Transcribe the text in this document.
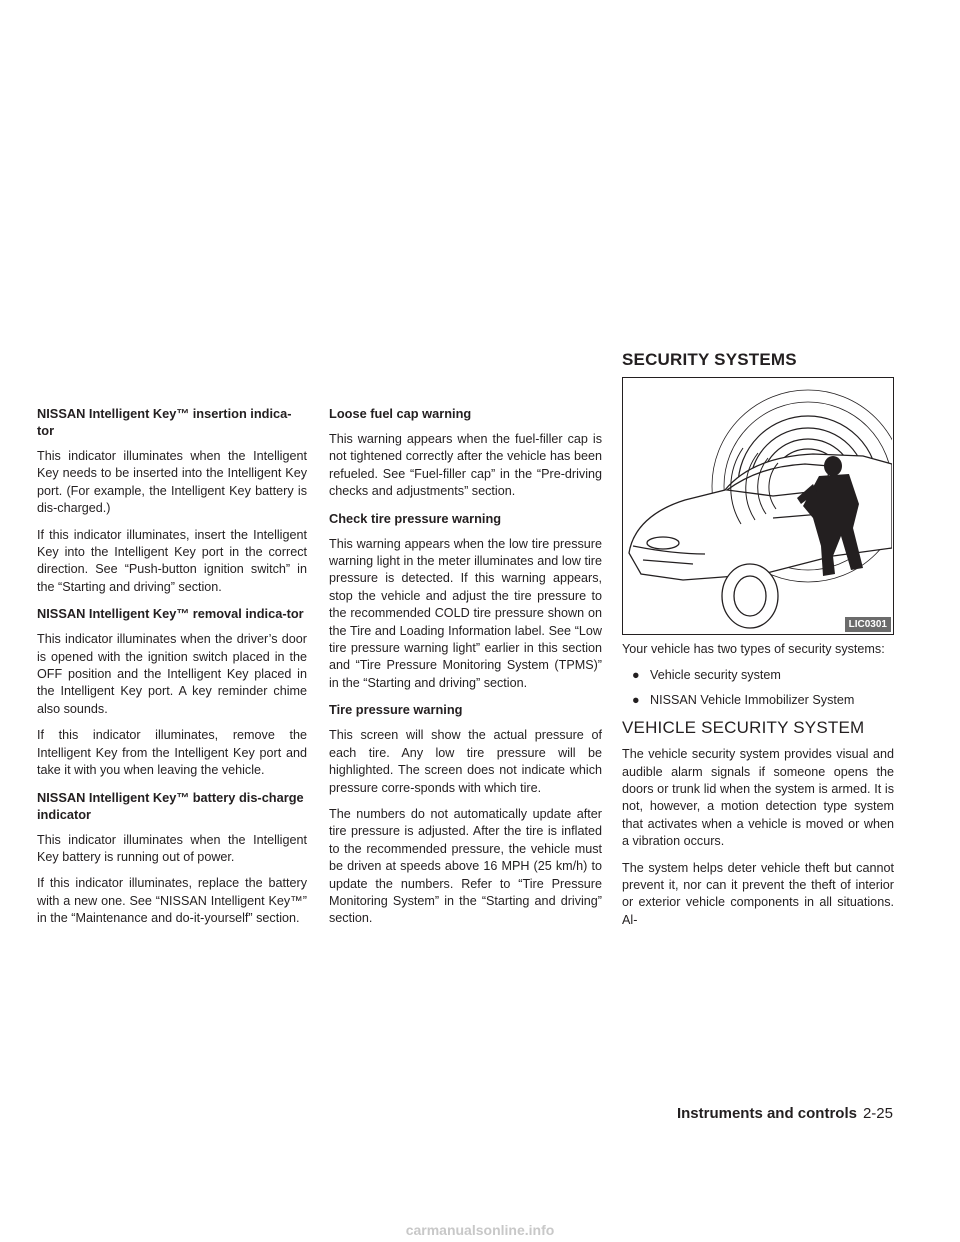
SECURITY SYSTEMS
NISSAN Intelligent Key™ insertion indica-tor

This indicator illuminates when the Intelligent Key needs to be inserted into the Intelligent Key port. (For example, the Intelligent Key battery is dis-charged.)

If this indicator illuminates, insert the Intelligent Key into the Intelligent Key port in the correct direction. See “Push-button ignition switch” in the “Starting and driving” section.

NISSAN Intelligent Key™ removal indica-tor

This indicator illuminates when the driver’s door is opened with the ignition switch placed in the OFF position and the Intelligent Key placed in the Intelligent Key port. A key reminder chime also sounds.

If this indicator illuminates, remove the Intelligent Key from the Intelligent Key port and take it with you when leaving the vehicle.

NISSAN Intelligent Key™ battery dis-charge indicator

This indicator illuminates when the Intelligent Key battery is running out of power.

If this indicator illuminates, replace the battery with a new one. See “NISSAN Intelligent Key™” in the “Maintenance and do-it-yourself” section.

Loose fuel cap warning

This warning appears when the fuel-filler cap is not tightened correctly after the vehicle has been refueled. See “Fuel-filler cap” in the “Pre-driving checks and adjustments” section.

Check tire pressure warning

This warning appears when the low tire pressure warning light in the meter illuminates and low tire pressure is detected. If this warning appears, stop the vehicle and adjust the tire pressure to the recommended COLD tire pressure shown on the Tire and Loading Information label. See “Low tire pressure warning light” earlier in this section and “Tire Pressure Monitoring System (TPMS)” in the “Starting and driving” section.

Tire pressure warning

This screen will show the actual pressure of each tire. Any low tire pressure will be highlighted. The screen does not indicate which pressure corre-sponds with which tire.

The numbers do not automatically update after tire pressure is adjusted. After the tire is inflated to the recommended pressure, the vehicle must be driven at speeds above 16 MPH (25 km/h) to update the numbers. Refer to “Tire Pressure Monitoring System” in the “Starting and driving” section.

LIC0301

Your vehicle has two types of security systems:

● Vehicle security system
● NISSAN Vehicle Immobilizer System
VEHICLE SECURITY SYSTEM

The vehicle security system provides visual and audible alarm signals if someone opens the doors or trunk lid when the system is armed. It is not, however, a motion detection type system that activates when a vehicle is moved or when a vibration occurs.

The system helps deter vehicle theft but cannot prevent it, nor can it prevent the theft of interior or exterior vehicle components in all situations. Al-

Instruments and controls 2-25
carmanualsonline.info
